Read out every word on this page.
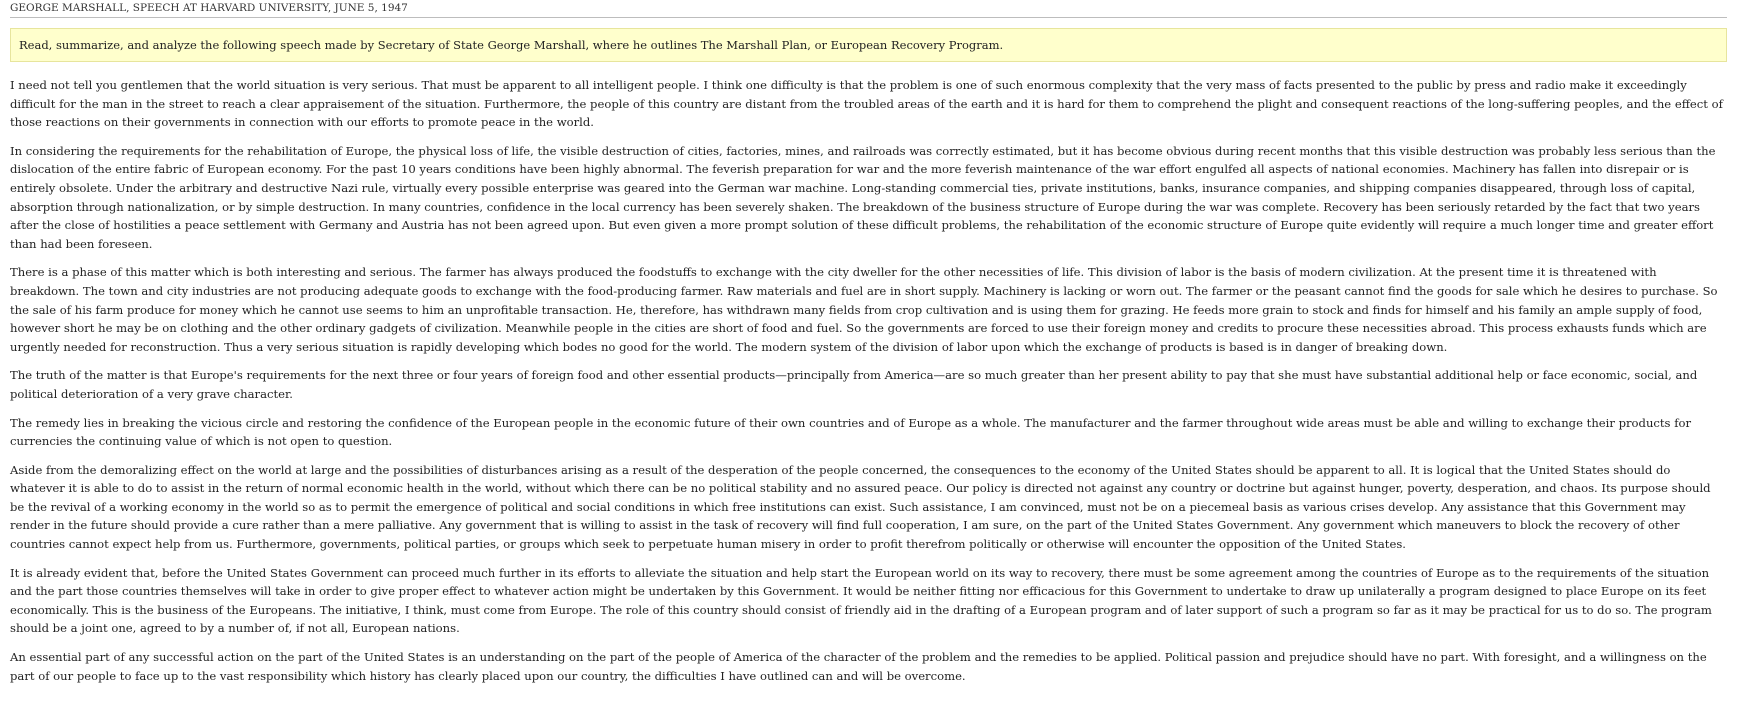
GEORGE MARSHALL, SPEECH AT HARVARD UNIVERSITY, JUNE 5, 1947
Read, summarize, and analyze the following speech made by Secretary of State George Marshall, where he outlines The Marshall Plan, or European Recovery Program.

I need not tell you gentlemen that the world situation is very serious. That must be apparent to all intelligent people. I think one difficulty is that the problem is one of such enormous complexity that the very mass of facts presented to the public by press and radio make it exceedingly difficult for the man in the street to reach a clear appraisement of the situation. Furthermore, the people of this country are distant from the troubled areas of the earth and it is hard for them to comprehend the plight and consequent reactions of the long-suffering peoples, and the effect of those reactions on their governments in connection with our efforts to promote peace in the world.

In considering the requirements for the rehabilitation of Europe, the physical loss of life, the visible destruction of cities, factories, mines, and railroads was correctly estimated, but it has become obvious during recent months that this visible destruction was probably less serious than the dislocation of the entire fabric of European economy. For the past 10 years conditions have been highly abnormal. The feverish preparation for war and the more feverish maintenance of the war effort engulfed all aspects of national economies. Machinery has fallen into disrepair or is entirely obsolete. Under the arbitrary and destructive Nazi rule, virtually every possible enterprise was geared into the German war machine. Long-standing commercial ties, private institutions, banks, insurance companies, and shipping companies disappeared, through loss of capital, absorption through nationalization, or by simple destruction. In many countries, confidence in the local currency has been severely shaken. The breakdown of the business structure of Europe during the war was complete. Recovery has been seriously retarded by the fact that two years after the close of hostilities a peace settlement with Germany and Austria has not been agreed upon. But even given a more prompt solution of these difficult problems, the rehabilitation of the economic structure of Europe quite evidently will require a much longer time and greater effort than had been foreseen.

There is a phase of this matter which is both interesting and serious. The farmer has always produced the foodstuffs to exchange with the city dweller for the other necessities of life. This division of labor is the basis of modern civilization. At the present time it is threatened with breakdown. The town and city industries are not producing adequate goods to exchange with the food-producing farmer. Raw materials and fuel are in short supply. Machinery is lacking or worn out. The farmer or the peasant cannot find the goods for sale which he desires to purchase. So the sale of his farm produce for money which he cannot use seems to him an unprofitable transaction. He, therefore, has withdrawn many fields from crop cultivation and is using them for grazing. He feeds more grain to stock and finds for himself and his family an ample supply of food, however short he may be on clothing and the other ordinary gadgets of civilization. Meanwhile people in the cities are short of food and fuel. So the governments are forced to use their foreign money and credits to procure these necessities abroad. This process exhausts funds which are urgently needed for reconstruction. Thus a very serious situation is rapidly developing which bodes no good for the world. The modern system of the division of labor upon which the exchange of products is based is in danger of breaking down.

The truth of the matter is that Europe's requirements for the next three or four years of foreign food and other essential products—principally from America—are so much greater than her present ability to pay that she must have substantial additional help or face economic, social, and political deterioration of a very grave character.

The remedy lies in breaking the vicious circle and restoring the confidence of the European people in the economic future of their own countries and of Europe as a whole. The manufacturer and the farmer throughout wide areas must be able and willing to exchange their products for currencies the continuing value of which is not open to question.

Aside from the demoralizing effect on the world at large and the possibilities of disturbances arising as a result of the desperation of the people concerned, the consequences to the economy of the United States should be apparent to all. It is logical that the United States should do whatever it is able to do to assist in the return of normal economic health in the world, without which there can be no political stability and no assured peace. Our policy is directed not against any country or doctrine but against hunger, poverty, desperation, and chaos. Its purpose should be the revival of a working economy in the world so as to permit the emergence of political and social conditions in which free institutions can exist. Such assistance, I am convinced, must not be on a piecemeal basis as various crises develop. Any assistance that this Government may render in the future should provide a cure rather than a mere palliative. Any government that is willing to assist in the task of recovery will find full cooperation, I am sure, on the part of the United States Government. Any government which maneuvers to block the recovery of other countries cannot expect help from us. Furthermore, governments, political parties, or groups which seek to perpetuate human misery in order to profit therefrom politically or otherwise will encounter the opposition of the United States.

It is already evident that, before the United States Government can proceed much further in its efforts to alleviate the situation and help start the European world on its way to recovery, there must be some agreement among the countries of Europe as to the requirements of the situation and the part those countries themselves will take in order to give proper effect to whatever action might be undertaken by this Government. It would be neither fitting nor efficacious for this Government to undertake to draw up unilaterally a program designed to place Europe on its feet economically. This is the business of the Europeans. The initiative, I think, must come from Europe. The role of this country should consist of friendly aid in the drafting of a European program and of later support of such a program so far as it may be practical for us to do so. The program should be a joint one, agreed to by a number of, if not all, European nations.

An essential part of any successful action on the part of the United States is an understanding on the part of the people of America of the character of the problem and the remedies to be applied. Political passion and prejudice should have no part. With foresight, and a willingness on the part of our people to face up to the vast responsibility which history has clearly placed upon our country, the difficulties I have outlined can and will be overcome.
